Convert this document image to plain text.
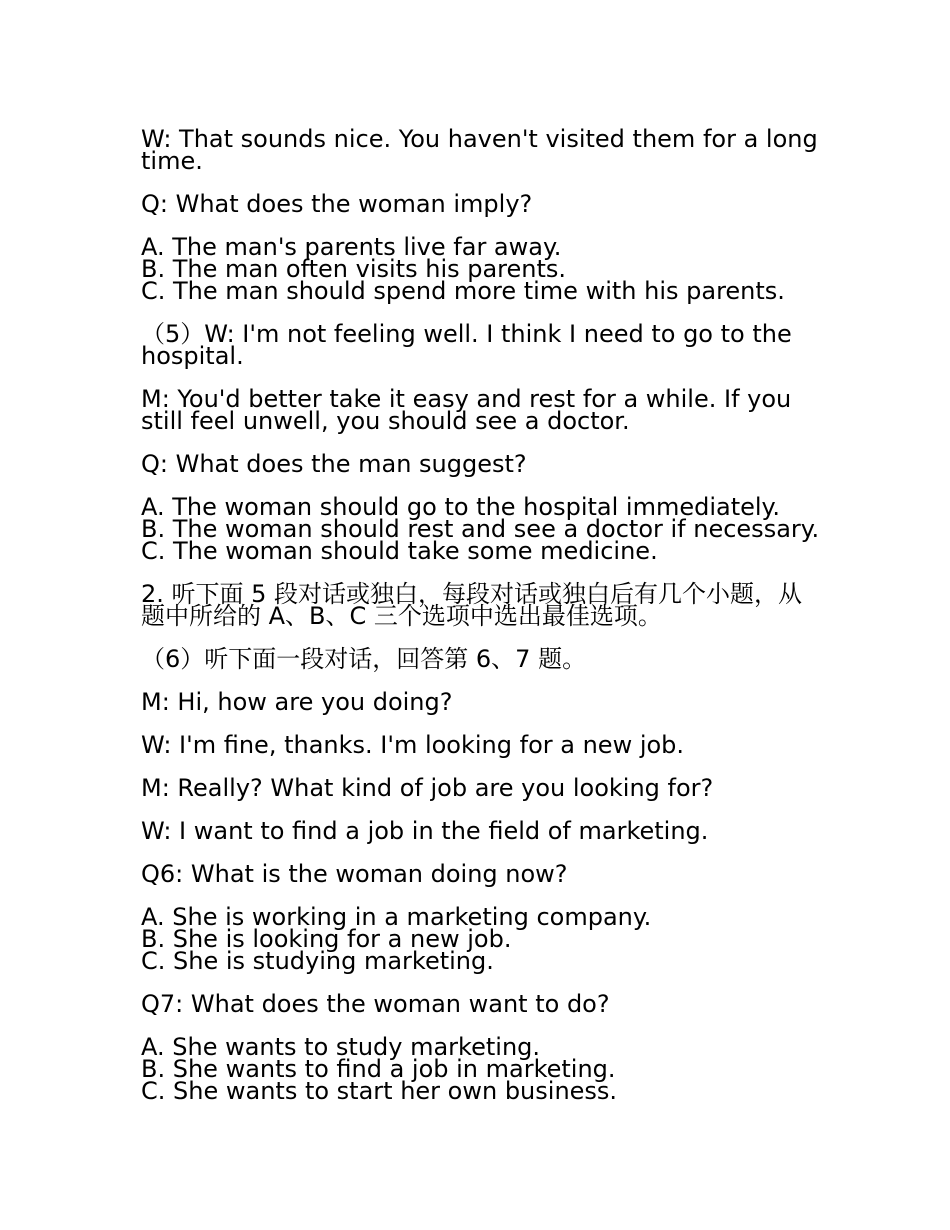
W: That sounds nice. You haven't visited them for a long time.

Q: What does the woman imply?

A. The man's parents live far away.
B. The man often visits his parents.
C. The man should spend more time with his parents.

（5）W: I'm not feeling well. I think I need to go to the hospital.

M: You'd better take it easy and rest for a while. If you still feel unwell, you should see a doctor.

Q: What does the man suggest?

A. The woman should go to the hospital immediately.
B. The woman should rest and see a doctor if necessary.
C. The woman should take some medicine.

2. 听下面 5 段对话或独白，每段对话或独白后有几个小题，从题中所给的 A、B、C 三个选项中选出最佳选项。

（6）听下面一段对话，回答第 6、7 题。

M: Hi, how are you doing?

W: I'm fine, thanks. I'm looking for a new job.

M: Really? What kind of job are you looking for?

W: I want to find a job in the field of marketing.

Q6: What is the woman doing now?

A. She is working in a marketing company.
B. She is looking for a new job.
C. She is studying marketing.

Q7: What does the woman want to do?

A. She wants to study marketing.
B. She wants to find a job in marketing.
C. She wants to start her own business.
